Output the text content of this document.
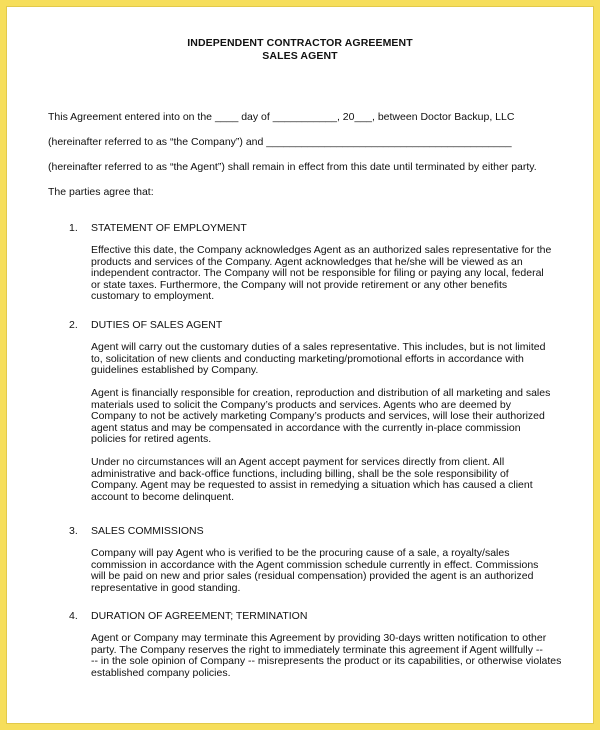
INDEPENDENT CONTRACTOR AGREEMENT
SALES AGENT

This Agreement entered into on the ____ day of ___________, 20___, between Doctor Backup, LLC

(hereinafter referred to as “the Company”) and __________________________________________

(hereinafter referred to as “the Agent”) shall remain in effect from this date until terminated by either party.

The parties agree that:

1. STATEMENT OF EMPLOYMENT
Effective this date, the Company acknowledges Agent as an authorized sales representative for the
products and services of the Company. Agent acknowledges that he/she will be viewed as an
independent contractor. The Company will not be responsible for filing or paying any local, federal
or state taxes. Furthermore, the Company will not provide retirement or any other benefits
customary to employment.
2. DUTIES OF SALES AGENT
Agent will carry out the customary duties of a sales representative. This includes, but is not limited
to, solicitation of new clients and conducting marketing/promotional efforts in accordance with
guidelines established by Company.
Agent is financially responsible for creation, reproduction and distribution of all marketing and sales
materials used to solicit the Company’s products and services. Agents who are deemed by
Company to not be actively marketing Company’s products and services, will lose their authorized
agent status and may be compensated in accordance with the currently in-place commission
policies for retired agents.
Under no circumstances will an Agent accept payment for services directly from client. All
administrative and back-office functions, including billing, shall be the sole responsibility of
Company. Agent may be requested to assist in remedying a situation which has caused a client
account to become delinquent.
3. SALES COMMISSIONS
Company will pay Agent who is verified to be the procuring cause of a sale, a royalty/sales
commission in accordance with the Agent commission schedule currently in effect. Commissions
will be paid on new and prior sales (residual compensation) provided the agent is an authorized
representative in good standing.
4. DURATION OF AGREEMENT; TERMINATION
Agent or Company may terminate this Agreement by providing 30-days written notification to other
party. The Company reserves the right to immediately terminate this agreement if Agent willfully --
-- in the sole opinion of Company -- misrepresents the product or its capabilities, or otherwise violates
established company policies.
